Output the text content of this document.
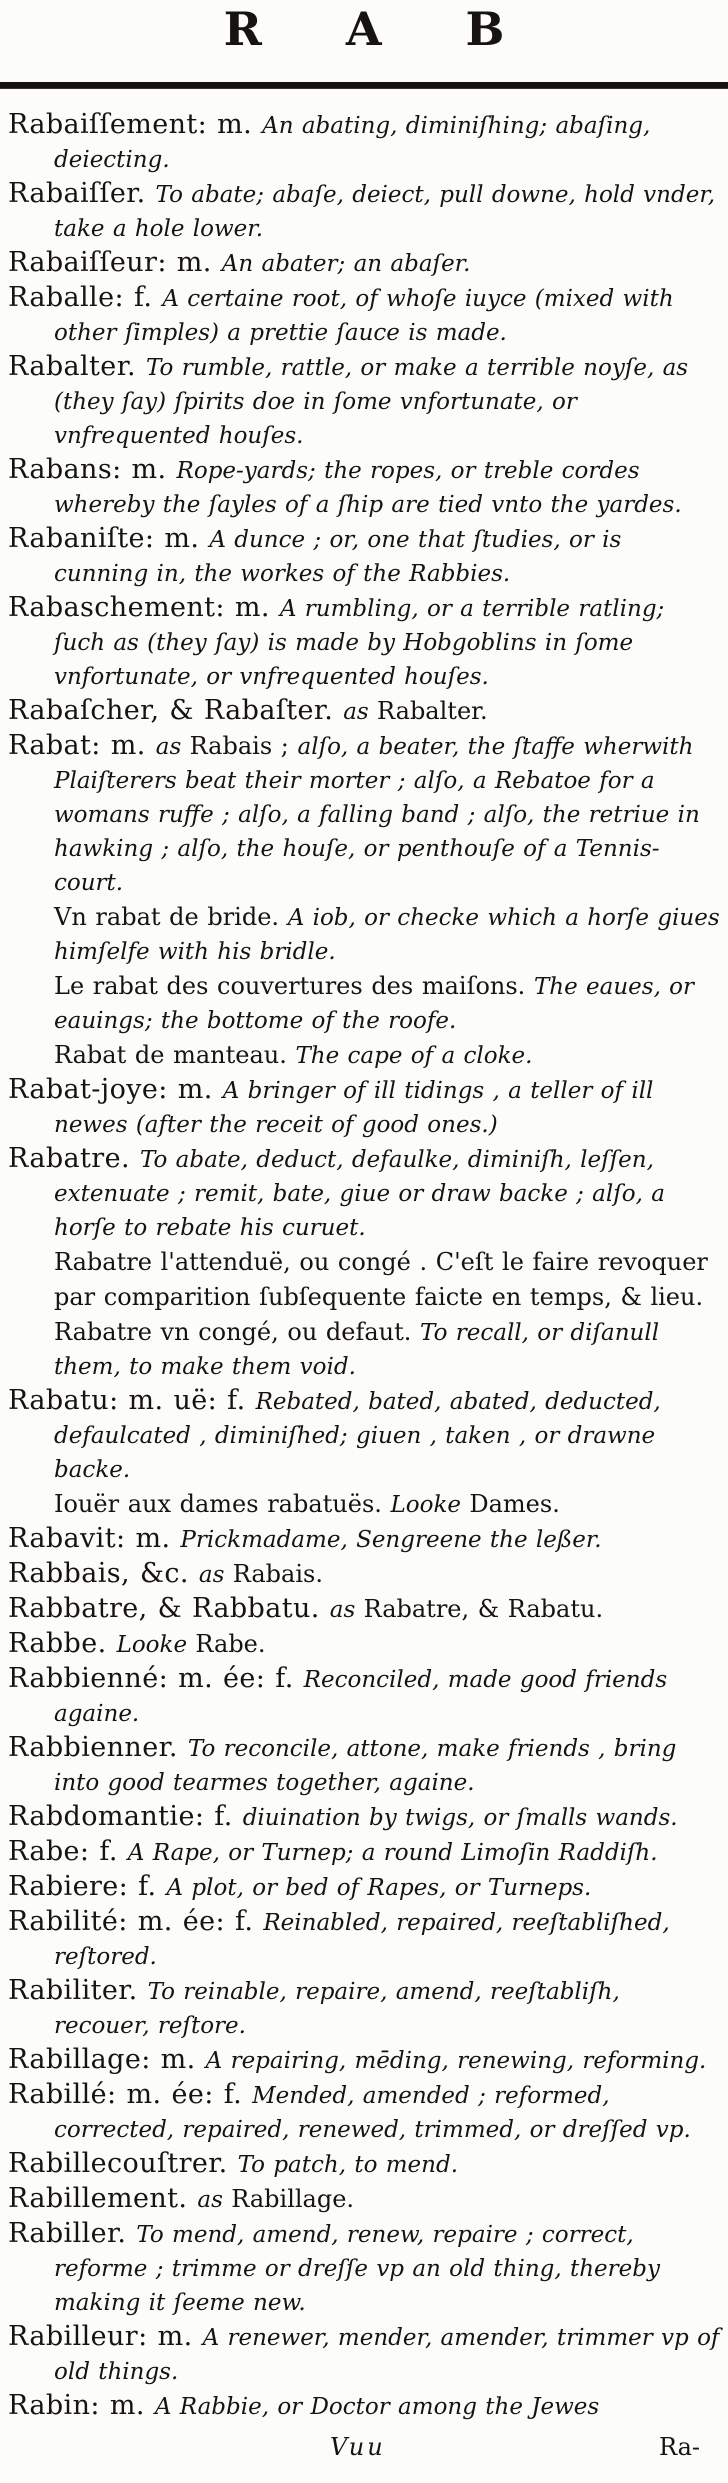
R A B

Rabaiſſement: m. An abating, diminiſhing; abaſing, deiecting.

Rabaiſſer. To abate; abaſe, deiect, pull downe, hold vnder, take a hole lower.

Rabaiſſeur: m. An abater; an abaſer.

Raballe: f. A certaine root, of whoſe iuyce (mixed with other ſimples) a prettie ſauce is made.

Rabalter. To rumble, rattle, or make a terrible noyſe, as (they ſay) ſpirits doe in ſome vnfortunate, or vnfrequented houſes.

Rabans: m. Rope-yards; the ropes, or treble cordes whereby the ſayles of a ſhip are tied vnto the yardes.

Rabaniſte: m. A dunce ; or, one that ſtudies, or is cunning in, the workes of the Rabbies.

Rabaschement: m. A rumbling, or a terrible ratling; ſuch as (they ſay) is made by Hobgoblins in ſome vnfortunate, or vnfrequented houſes.

Rabaſcher, & Rabaſter. as Rabalter.

Rabat: m. as Rabais ; alſo, a beater, the ſtaffe wherwith Plaiſterers beat their morter ; alſo, a Rebatoe for a womans ruffe ; alſo, a falling band ; alſo, the retriue in hawking ; alſo, the houſe, or penthouſe of a Tennis-court.

Vn rabat de bride. A iob, or checke which a horſe giues himſelfe with his bridle.

Le rabat des couvertures des maiſons. The eaues, or eauings; the bottome of the roofe.

Rabat de manteau. The cape of a cloke.

Rabat-joye: m. A bringer of ill tidings , a teller of ill newes (after the receit of good ones.)

Rabatre. To abate, deduct, defaulke, diminiſh, leſſen, extenuate ; remit, bate, giue or draw backe ; alſo, a horſe to rebate his curuet.

Rabatre l'attenduë, ou congé . C'eſt le faire revoquer par comparition ſubſequente faicte en temps, & lieu.

Rabatre vn congé, ou defaut. To recall, or diſanull them, to make them void.

Rabatu: m. uë: f. Rebated, bated, abated, deducted, defaulcated , diminiſhed; giuen , taken , or drawne backe.

Iouër aux dames rabatuës. Looke Dames.

Rabavit: m. Prickmadame, Sengreene the leßer.

Rabbais, &c. as Rabais.

Rabbatre, & Rabbatu. as Rabatre, & Rabatu.

Rabbe. Looke Rabe.

Rabbienné: m. ée: f. Reconciled, made good friends againe.

Rabbienner. To reconcile, attone, make friends , bring into good tearmes together, againe.

Rabdomantie: f. diuination by twigs, or ſmalls wands.

Rabe: f. A Rape, or Turnep; a round Limoſin Raddiſh.

Rabiere: f. A plot, or bed of Rapes, or Turneps.

Rabilité: m. ée: f. Reinabled, repaired, reeſtabliſhed, reſtored.

Rabiliter. To reinable, repaire, amend, reeſtabliſh, recouer, reſtore.

Rabillage: m. A repairing, mēding, renewing, reforming.

Rabillé: m. ée: f. Mended, amended ; reformed, corrected, repaired, renewed, trimmed, or dreſſed vp.

Rabillecouſtrer. To patch, to mend.

Rabillement. as Rabillage.

Rabiller. To mend, amend, renew, repaire ; correct, reforme ; trimme or dreſſe vp an old thing, thereby making it ſeeme new.

Rabilleur: m. A renewer, mender, amender, trimmer vp of old things.

Rabin: m. A Rabbie, or Doctor among the Jewes

Vuu	Ra-
